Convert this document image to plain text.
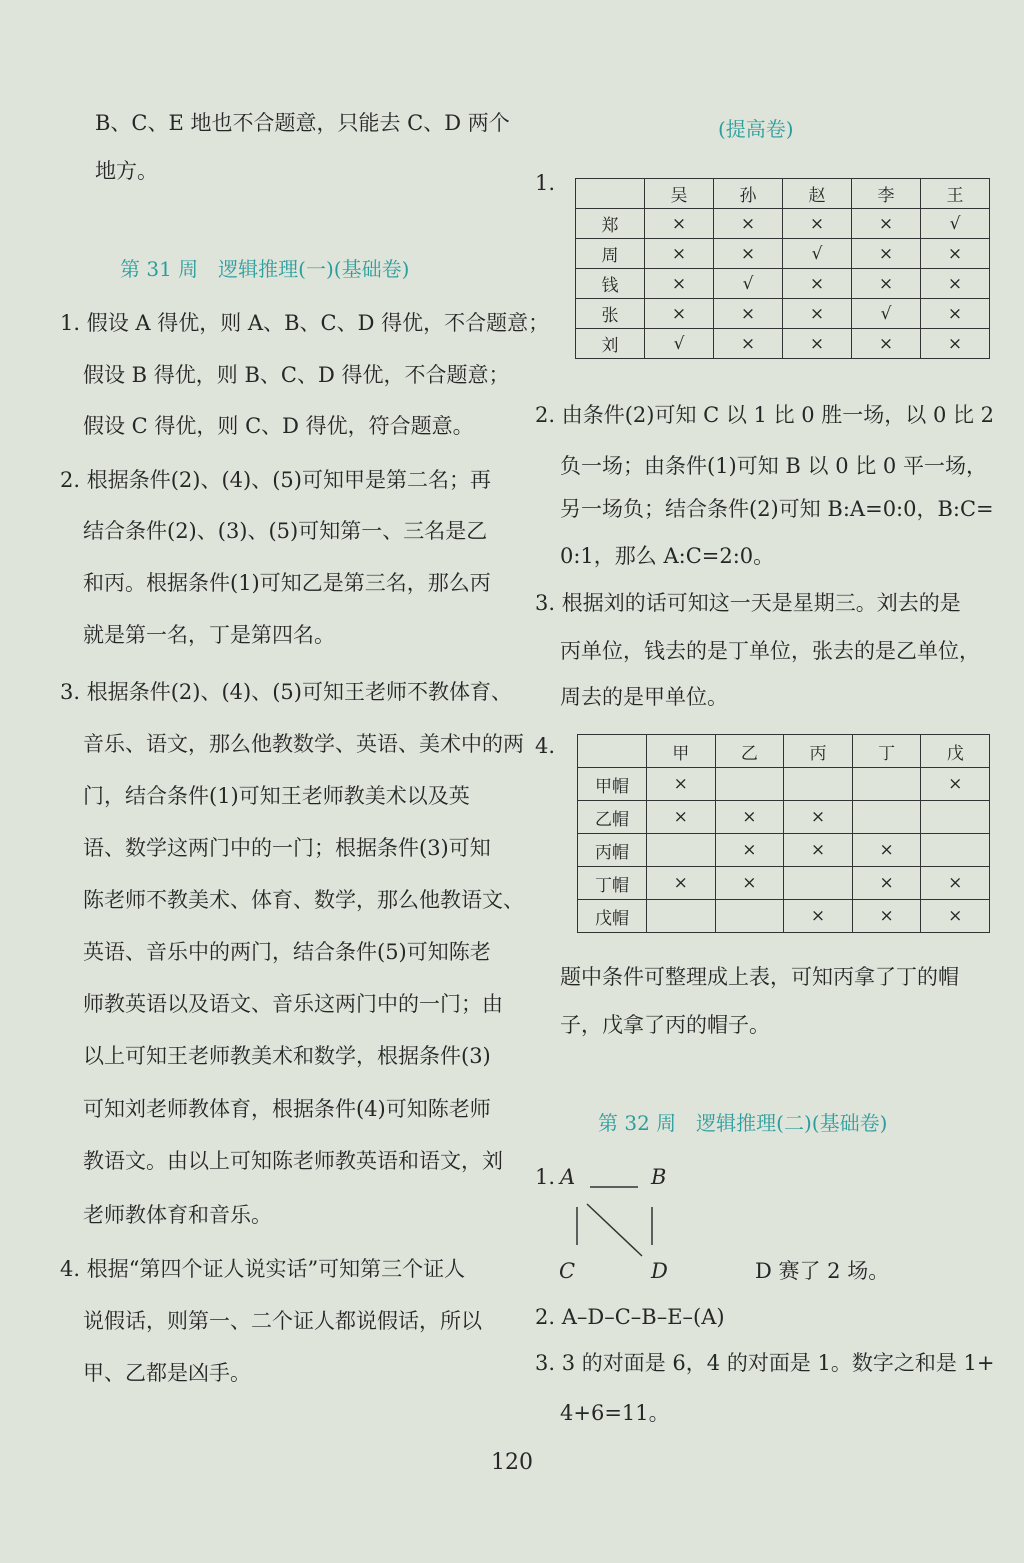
B、C、E 地也不合题意，只能去 C、D 两个
地方。
第 31 周　逻辑推理(一)(基础卷)
1. 假设 A 得优，则 A、B、C、D 得优，不合题意；
假设 B 得优，则 B、C、D 得优，不合题意；
假设 C 得优，则 C、D 得优，符合题意。
2. 根据条件(2)、(4)、(5)可知甲是第二名；再
结合条件(2)、(3)、(5)可知第一、三名是乙
和丙。根据条件(1)可知乙是第三名，那么丙
就是第一名，丁是第四名。
3. 根据条件(2)、(4)、(5)可知王老师不教体育、
音乐、语文，那么他教数学、英语、美术中的两
门，结合条件(1)可知王老师教美术以及英
语、数学这两门中的一门；根据条件(3)可知
陈老师不教美术、体育、数学，那么他教语文、
英语、音乐中的两门，结合条件(5)可知陈老
师教英语以及语文、音乐这两门中的一门；由
以上可知王老师教美术和数学，根据条件(3)
可知刘老师教体育，根据条件(4)可知陈老师
教语文。由以上可知陈老师教英语和语文，刘
老师教体育和音乐。
4. 根据“第四个证人说实话”可知第三个证人
说假话，则第一、二个证人都说假话，所以
甲、乙都是凶手。
(提高卷)
1.
	吴	孙	赵	李	王
郑	×	×	×	×	√
周	×	×	√	×	×
钱	×	√	×	×	×
张	×	×	×	√	×
刘	√	×	×	×	×
2. 由条件(2)可知 C 以 1 比 0 胜一场，以 0 比 2
负一场；由条件(1)可知 B 以 0 比 0 平一场，
另一场负；结合条件(2)可知 B:A=0:0，B:C=
0:1，那么 A:C=2:0。
3. 根据刘的话可知这一天是星期三。刘去的是
丙单位，钱去的是丁单位，张去的是乙单位，
周去的是甲单位。
4.
		甲	乙	丙	丁	戊
甲帽	×				×
乙帽	×	×	×		
丙帽		×	×	×	
丁帽	×	×		×	×
戊帽			×	×	×
题中条件可整理成上表，可知丙拿了丁的帽
子，戊拿了丙的帽子。
第 32 周　逻辑推理(二)(基础卷)
1. A	B
C	D	D 赛了 2 场。
2. A–D–C–B–E–(A)
3. 3 的对面是 6，4 的对面是 1。数字之和是 1+
4+6=11。
120
